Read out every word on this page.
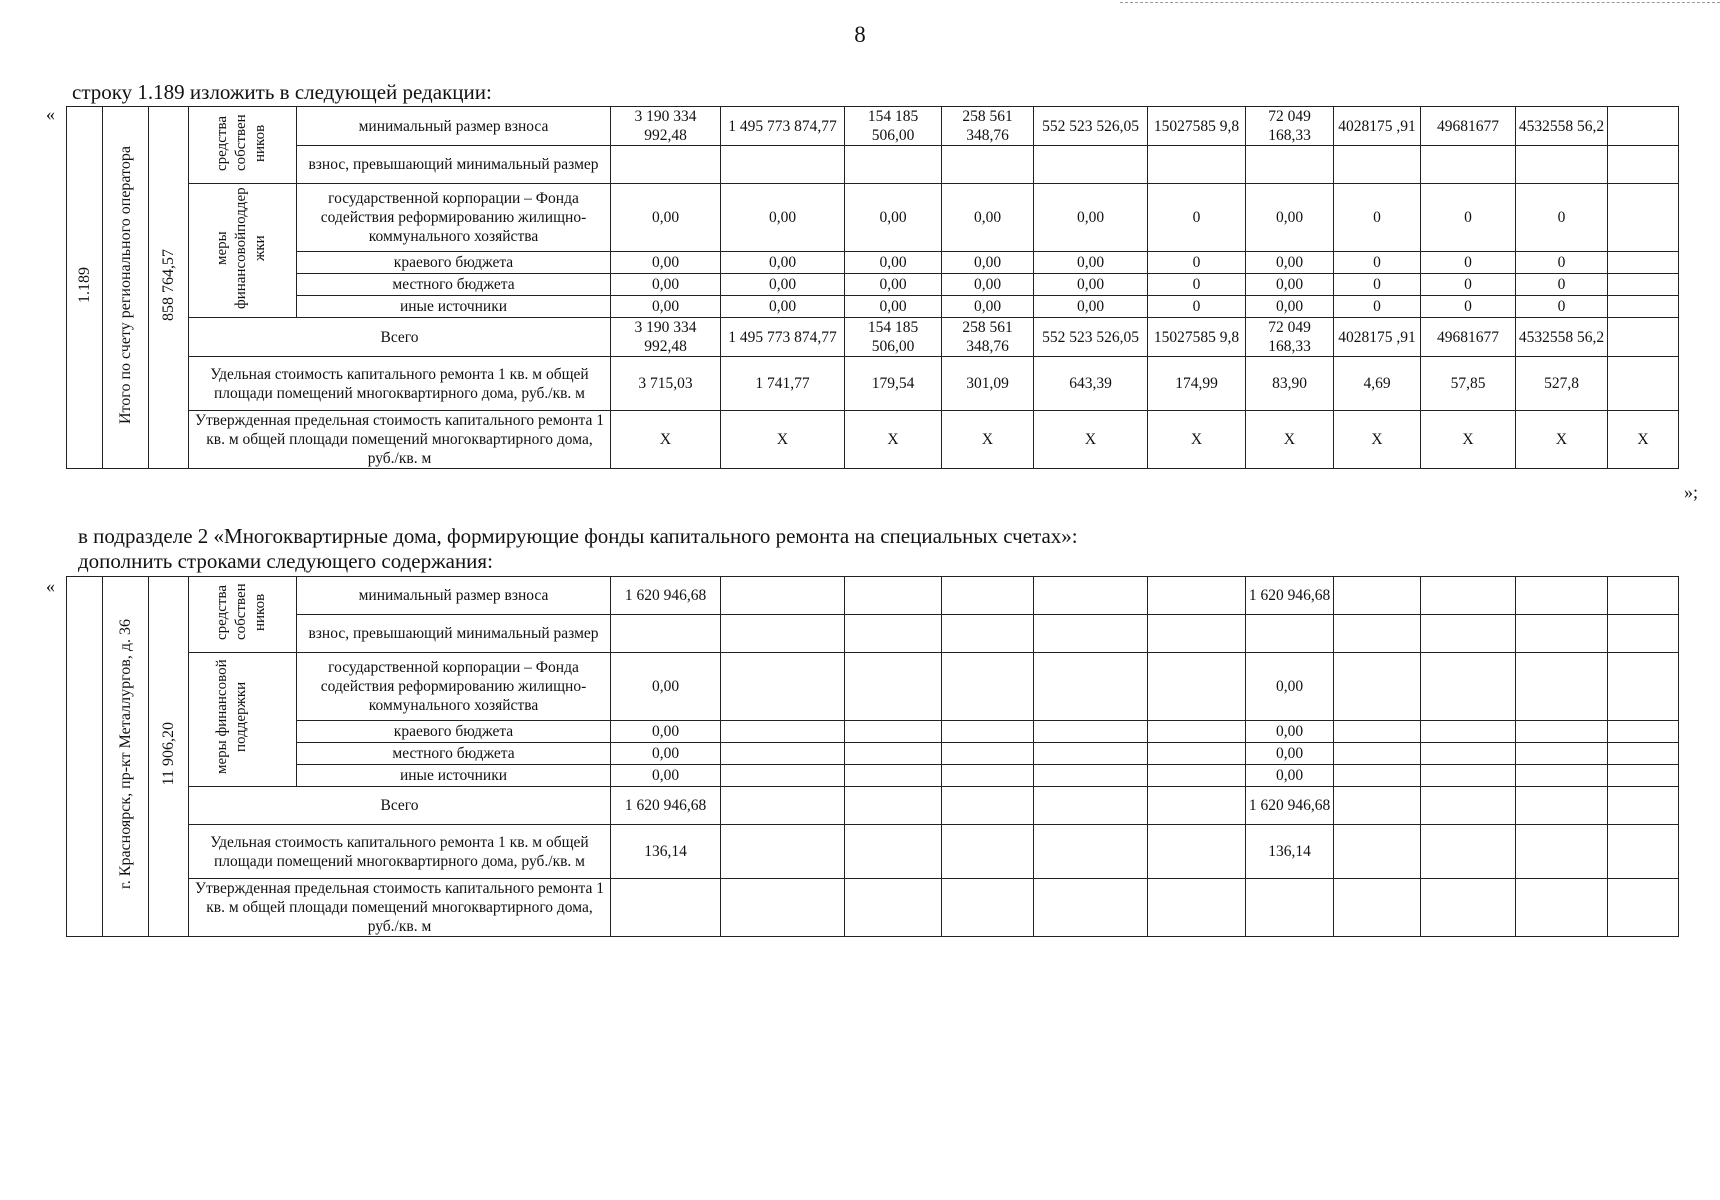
8
строку 1.189 изложить в следующей редакции:
«
1.189	Итого по счету регионального оператора	858 764,57	средства собствен ников	минимальный размер взноса	3 190 334 992,48	1 495 773 874,77	154 185 506,00	258 561 348,76	552 523 526,05	15027585 9,8	72 049 168,33	4028175 ,91	49681677	4532558 56,2	
				взнос, превышающий минимальный размер											
			меры финансовойподдер жки	государственной корпорации – Фонда содействия реформированию жилищно-коммунального хозяйства	0,00	0,00	0,00	0,00	0,00	0	0,00	0	0	0	
				краевого бюджета	0,00	0,00	0,00	0,00	0,00	0	0,00	0	0	0	
				местного бюджета	0,00	0,00	0,00	0,00	0,00	0	0,00	0	0	0	
				иные источники	0,00	0,00	0,00	0,00	0,00	0	0,00	0	0	0	
			Всего		3 190 334 992,48	1 495 773 874,77	154 185 506,00	258 561 348,76	552 523 526,05	15027585 9,8	72 049 168,33	4028175 ,91	49681677	4532558 56,2	
			Удельная стоимость капитального ремонта 1 кв. м общей площади помещений многоквартирного дома, руб./кв. м		3 715,03	1 741,77	179,54	301,09	643,39	174,99	83,90	4,69	57,85	527,8	
			Утвержденная предельная стоимость капитального ремонта 1 кв. м общей площади помещений многоквартирного дома, руб./кв. м		Х	Х	Х	Х	Х	Х	Х	Х	Х	Х	Х
»;
в подразделе 2 «Многоквартирные дома, формирующие фонды капитального ремонта на специальных счетах»:
дополнить строками следующего содержания:
«
	г. Красноярск, пр-кт Металлургов, д. 36	11 906,20	средства собствен ников	минимальный размер взноса	1 620 946,68						1 620 946,68				
				взнос, превышающий минимальный размер											
			меры финансовой поддержки	государственной корпорации – Фонда содействия реформированию жилищно-коммунального хозяйства	0,00						0,00				
				краевого бюджета	0,00						0,00				
				местного бюджета	0,00						0,00				
				иные источники	0,00						0,00				
			Всего		1 620 946,68						1 620 946,68				
			Удельная стоимость капитального ремонта 1 кв. м общей площади помещений многоквартирного дома, руб./кв. м		136,14						136,14				
			Утвержденная предельная стоимость капитального ремонта 1 кв. м общей площади помещений многоквартирного дома, руб./кв. м												
